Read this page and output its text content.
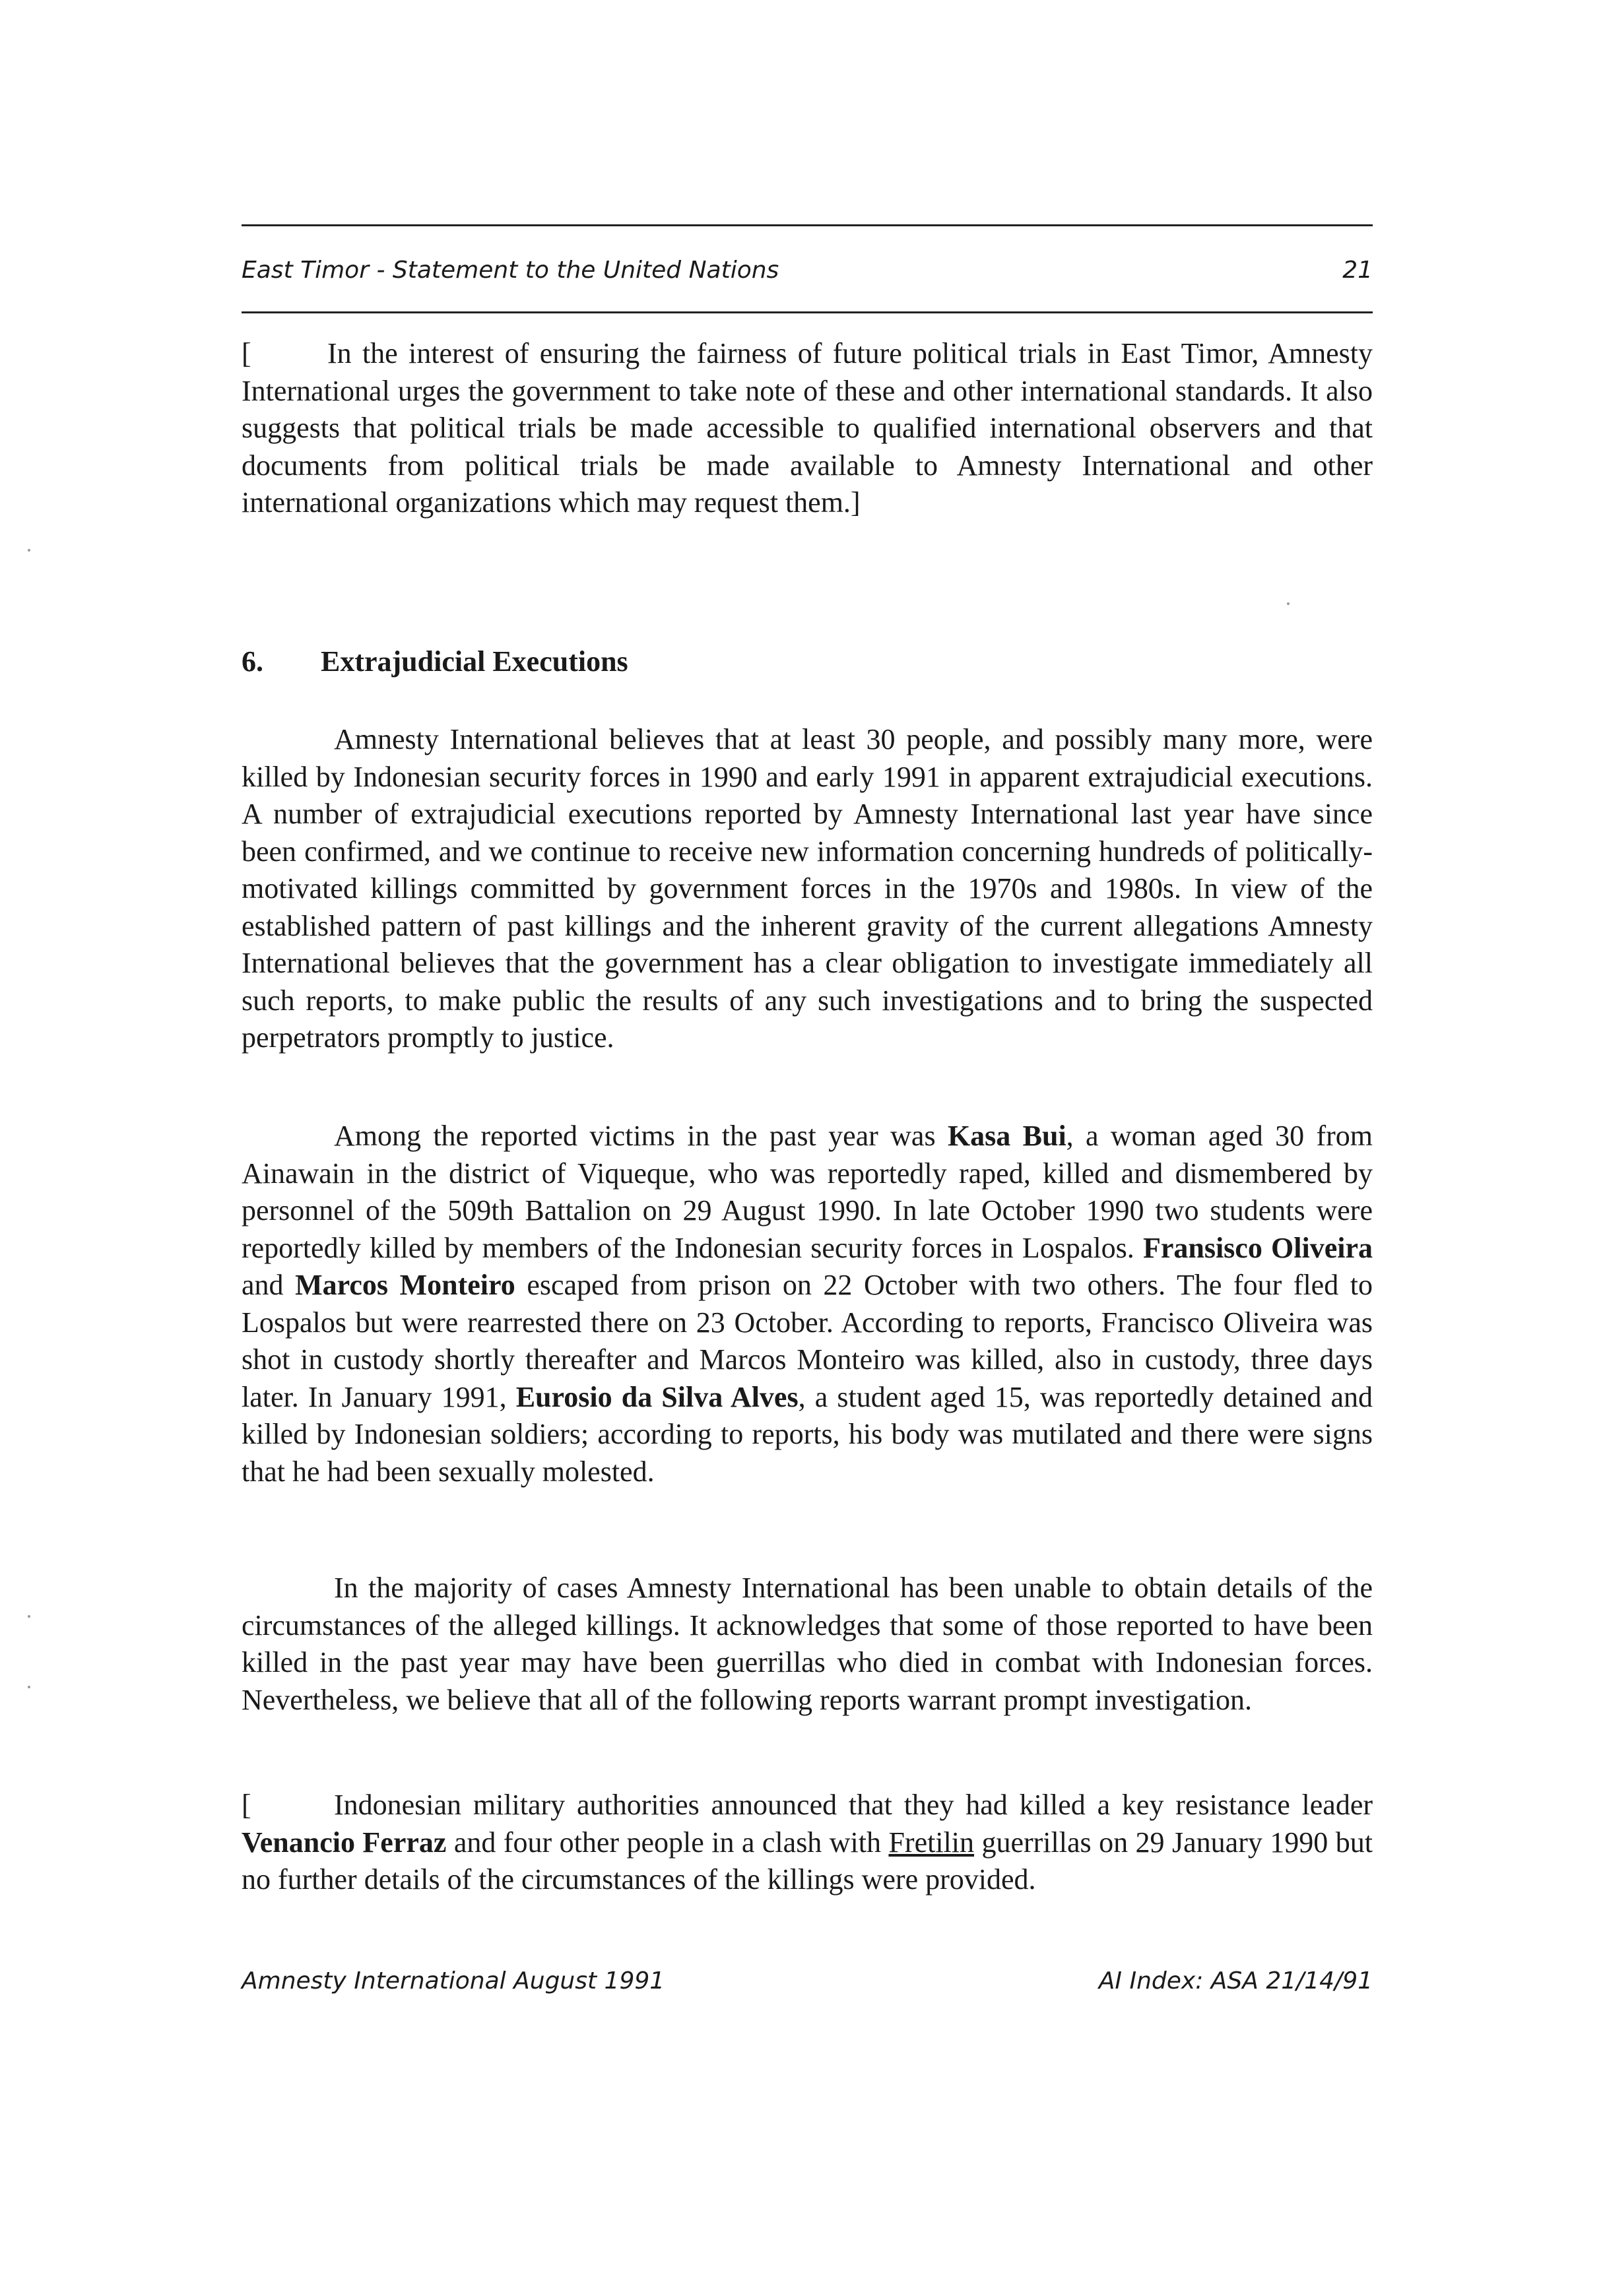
East Timor - Statement to the United Nations	21
[	In the interest of ensuring the fairness of future political trials in East Timor, Amnesty International urges the government to take note of these and other international standards. It also suggests that political trials be made accessible to qualified international observers and that documents from political trials be made available to Amnesty International and other international organizations which may request them.]
6. Extrajudicial Executions
Amnesty International believes that at least 30 people, and possibly many more, were killed by Indonesian security forces in 1990 and early 1991 in apparent extrajudicial executions. A number of extrajudicial executions reported by Amnesty International last year have since been confirmed, and we continue to receive new information concerning hundreds of politically-motivated killings committed by government forces in the 1970s and 1980s. In view of the established pattern of past killings and the inherent gravity of the current allegations Amnesty International believes that the government has a clear obligation to investigate immediately all such reports, to make public the results of any such investigations and to bring the suspected perpetrators promptly to justice.
Among the reported victims in the past year was Kasa Bui, a woman aged 30 from Ainawain in the district of Viqueque, who was reportedly raped, killed and dismembered by personnel of the 509th Battalion on 29 August 1990. In late October 1990 two students were reportedly killed by members of the Indonesian security forces in Lospalos. Fransisco Oliveira and Marcos Monteiro escaped from prison on 22 October with two others. The four fled to Lospalos but were rearrested there on 23 October. According to reports, Francisco Oliveira was shot in custody shortly thereafter and Marcos Monteiro was killed, also in custody, three days later. In January 1991, Eurosio da Silva Alves, a student aged 15, was reportedly detained and killed by Indonesian soldiers; according to reports, his body was mutilated and there were signs that he had been sexually molested.
In the majority of cases Amnesty International has been unable to obtain details of the circumstances of the alleged killings. It acknowledges that some of those reported to have been killed in the past year may have been guerrillas who died in combat with Indonesian forces. Nevertheless, we believe that all of the following reports warrant prompt investigation.
[	Indonesian military authorities announced that they had killed a key resistance leader Venancio Ferraz and four other people in a clash with Fretilin guerrillas on 29 January 1990 but no further details of the circumstances of the killings were provided.
Amnesty International August 1991	AI Index: ASA 21/14/91
